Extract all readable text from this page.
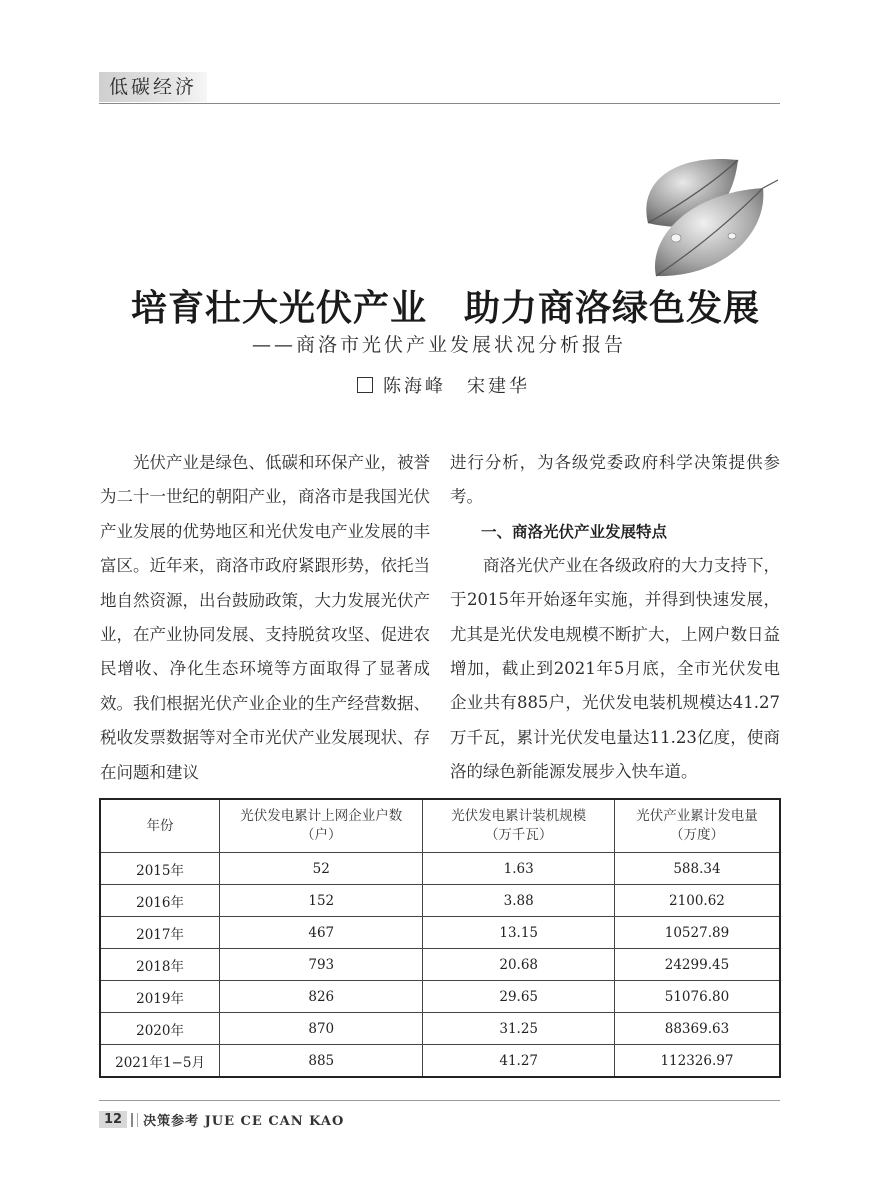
低碳经济
培育壮大光伏产业　助力商洛绿色发展
——商洛市光伏产业发展状况分析报告
陈海峰　宋建华

光伏产业是绿色、低碳和环保产业，被誉为二十一世纪的朝阳产业，商洛市是我国光伏产业发展的优势地区和光伏发电产业发展的丰富区。近年来，商洛市政府紧跟形势，依托当地自然资源，出台鼓励政策，大力发展光伏产业，在产业协同发展、支持脱贫攻坚、促进农民增收、净化生态环境等方面取得了显著成效。我们根据光伏产业企业的生产经营数据、税收发票数据等对全市光伏产业发展现状、存在问题和建议

进行分析，为各级党委政府科学决策提供参考。

一、商洛光伏产业发展特点

商洛光伏产业在各级政府的大力支持下，于2015年开始逐年实施，并得到快速发展，尤其是光伏发电规模不断扩大，上网户数日益增加，截止到2021年5月底，全市光伏发电企业共有885户，光伏发电装机规模达41.27万千瓦，累计光伏发电量达11.23亿度，使商洛的绿色新能源发展步入快车道。

年份	光伏发电累计上网企业户数（户）	光伏发电累计装机规模（万千瓦）	光伏产业累计发电量（万度）
2015年	52	1.63	588.34
2016年	152	3.88	2100.62
2017年	467	13.15	10527.89
2018年	793	20.68	24299.45
2019年	826	29.65	51076.80
2020年	870	31.25	88369.63
2021年1−5月	885	41.27	112326.97
12	决策参考 JUE CE CAN KAO
